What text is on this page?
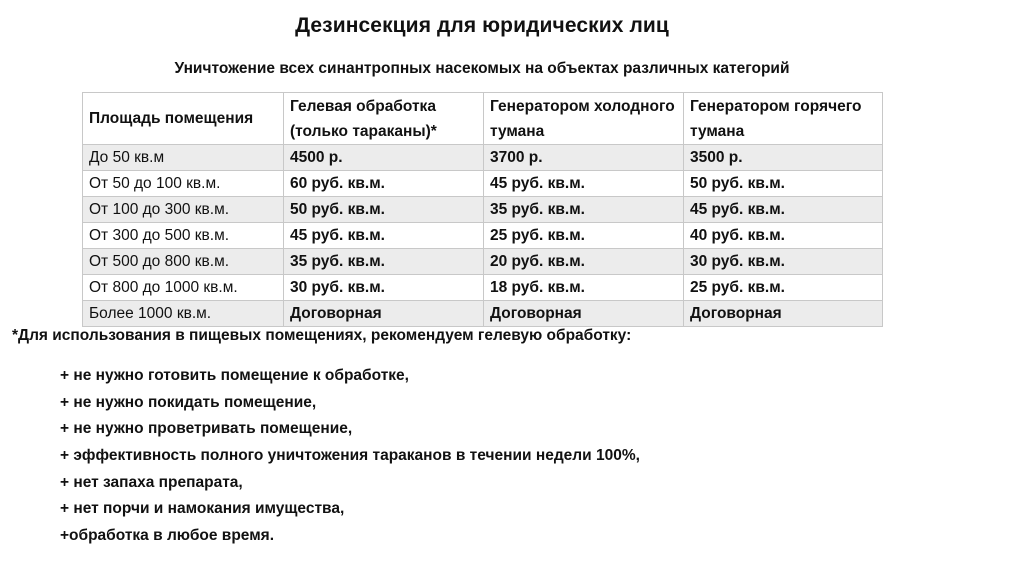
Дезинсекция для юридических лиц
Уничтожение всех синантропных насекомых на объектах различных категорий
Площадь помещения	Гелевая обработка (только тараканы)*	Генератором холодного тумана	Генератором горячего тумана
До 50 кв.м	4500 р.	3700 р.	3500 р.
От 50 до 100 кв.м.	60 руб. кв.м.	45 руб. кв.м.	50 руб. кв.м.
От 100 до 300 кв.м.	50 руб. кв.м.	35 руб. кв.м.	45 руб. кв.м.
От 300 до 500 кв.м.	45 руб. кв.м.	25 руб. кв.м.	40 руб. кв.м.
От 500 до 800 кв.м.	35 руб. кв.м.	20 руб. кв.м.	30 руб. кв.м.
От 800 до 1000 кв.м.	30 руб. кв.м.	18 руб. кв.м.	25 руб. кв.м.
Более 1000 кв.м.	Договорная	Договорная	Договорная
*Для использования в пищевых помещениях, рекомендуем гелевую обработку:
+ не нужно готовить помещение к обработке,
+ не нужно покидать помещение,
+ не нужно проветривать помещение,
+ эффективность полного уничтожения тараканов в течении недели 100%,
+ нет запаха препарата,
+ нет порчи и намокания имущества,
+обработка в любое время.
